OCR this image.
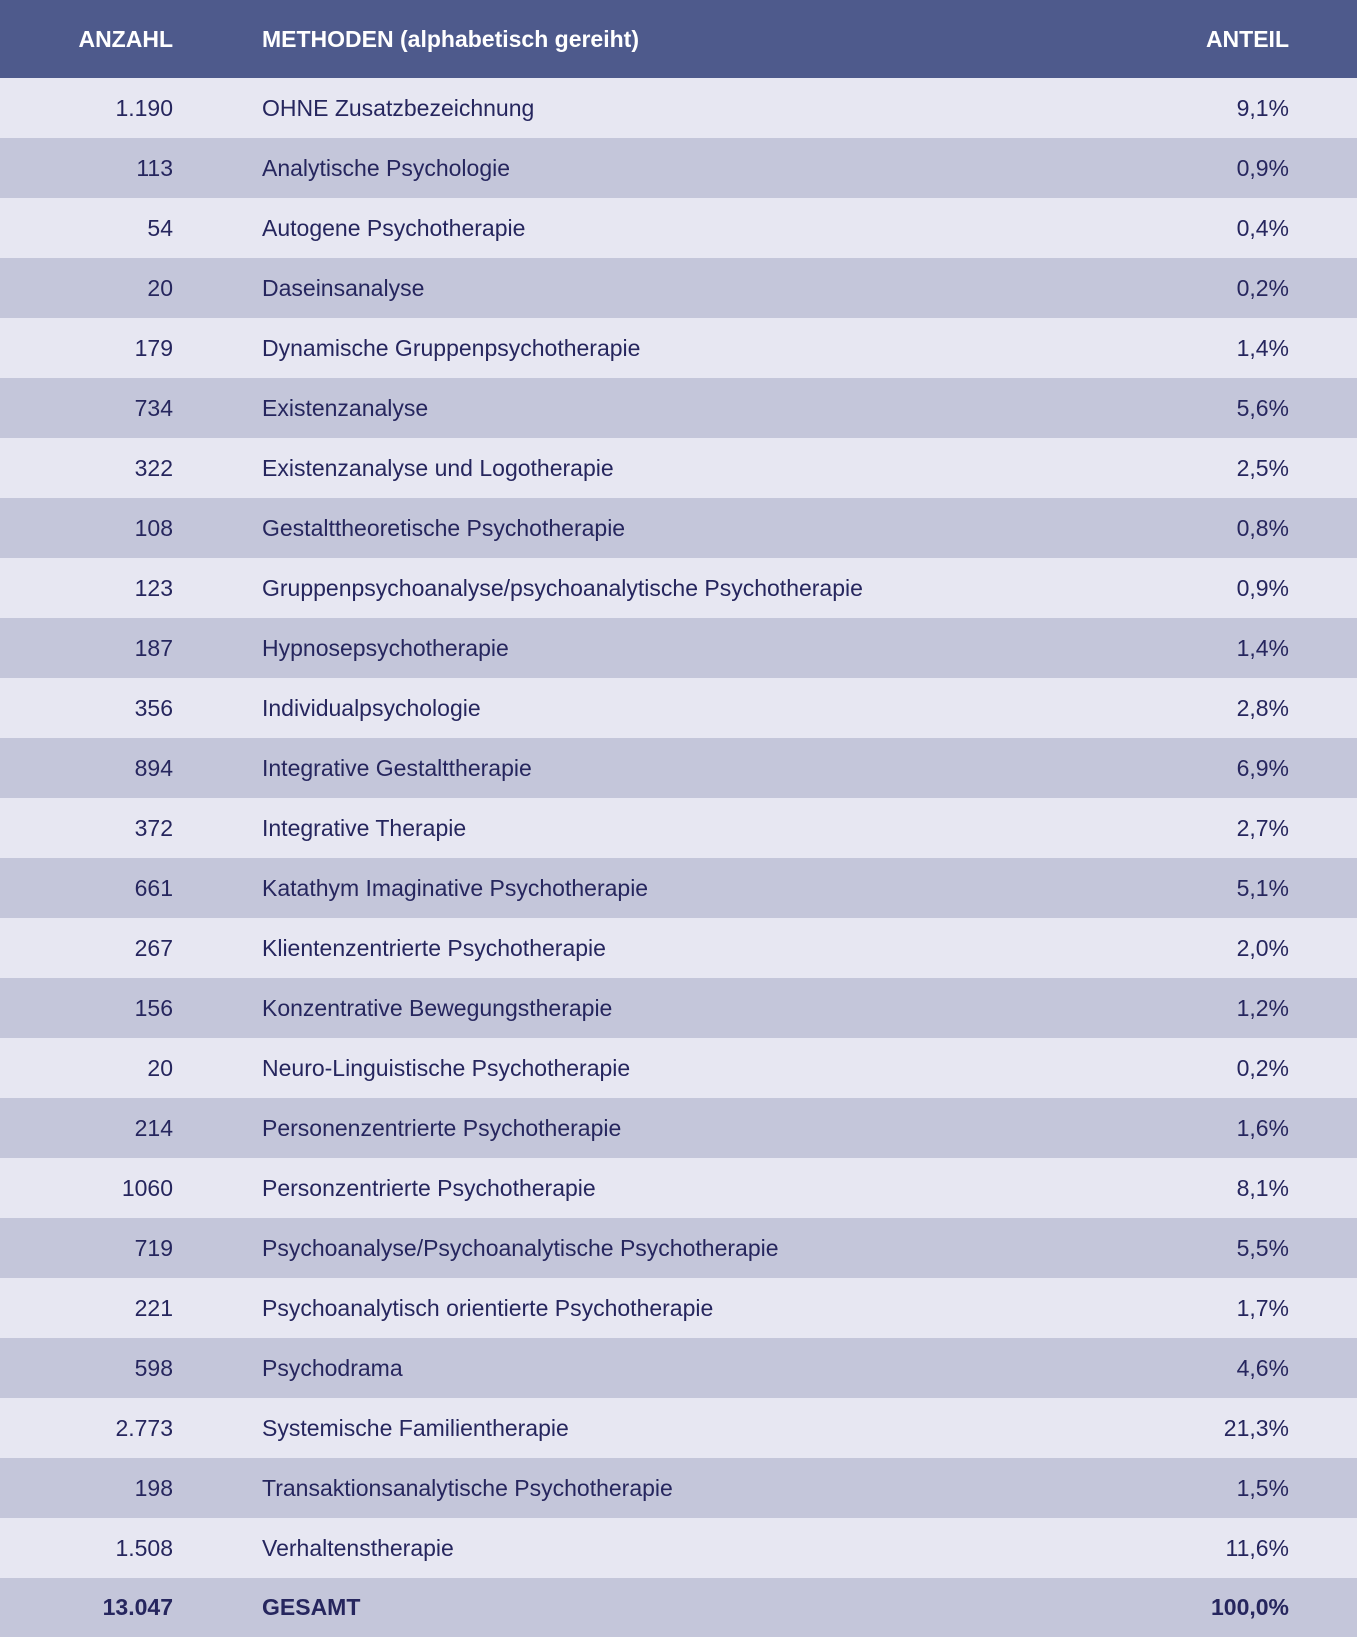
ANZAHL	METHODEN (alphabetisch gereiht)	ANTEIL
1.190	OHNE Zusatzbezeichnung	9,1%
113	Analytische Psychologie	0,9%
54	Autogene Psychotherapie	0,4%
20	Daseinsanalyse	0,2%
179	Dynamische Gruppenpsychotherapie	1,4%
734	Existenzanalyse	5,6%
322	Existenzanalyse und Logotherapie	2,5%
108	Gestalttheoretische Psychotherapie	0,8%
123	Gruppenpsychoanalyse/psychoanalytische Psychotherapie	0,9%
187	Hypnosepsychotherapie	1,4%
356	Individualpsychologie	2,8%
894	Integrative Gestalttherapie	6,9%
372	Integrative Therapie	2,7%
661	Katathym Imaginative Psychotherapie	5,1%
267	Klientenzentrierte Psychotherapie	2,0%
156	Konzentrative Bewegungstherapie	1,2%
20	Neuro-Linguistische Psychotherapie	0,2%
214	Personenzentrierte Psychotherapie	1,6%
1060	Personzentrierte Psychotherapie	8,1%
719	Psychoanalyse/Psychoanalytische Psychotherapie	5,5%
221	Psychoanalytisch orientierte Psychotherapie	1,7%
598	Psychodrama	4,6%
2.773	Systemische Familientherapie	21,3%
198	Transaktionsanalytische Psychotherapie	1,5%
1.508	Verhaltenstherapie	11,6%
13.047	GESAMT	100,0%
